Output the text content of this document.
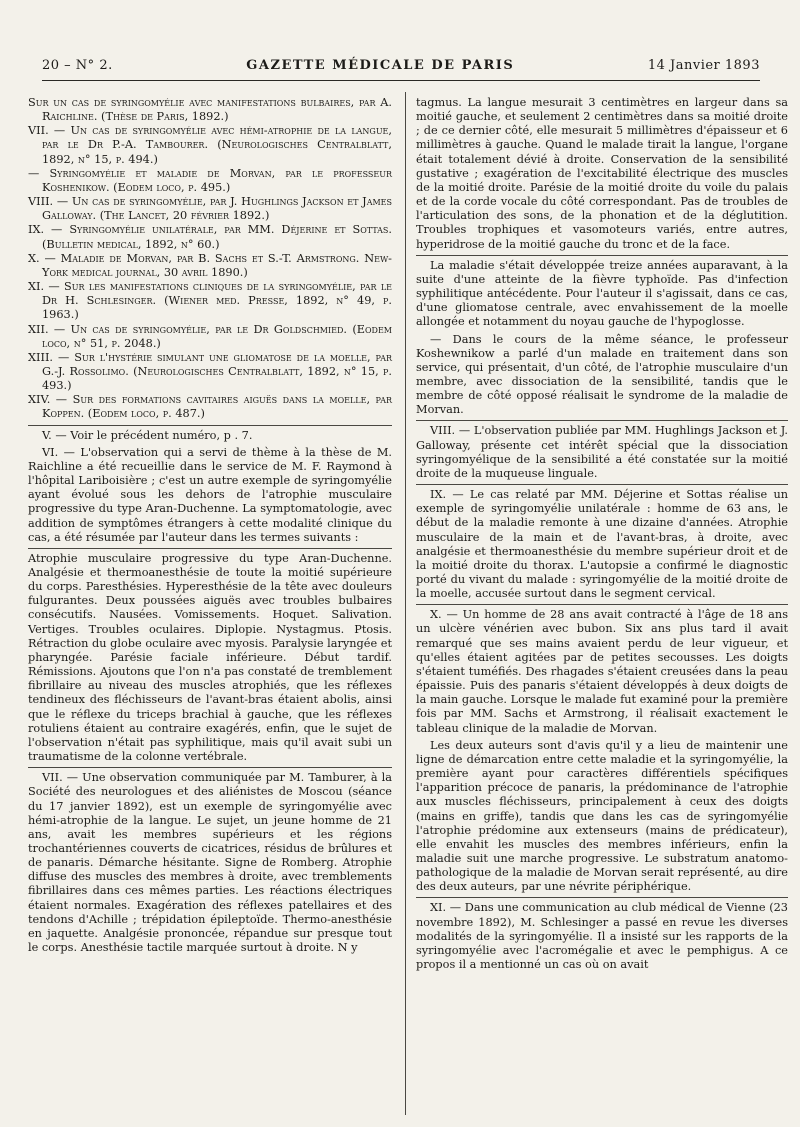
20 – N° 2.	GAZETTE MÉDICALE DE PARIS	14 Janvier 1893

Sur un cas de syringomyélie avec manifestations bulbaires, par A. Raichline. (Thèse de Paris, 1892.)

VII. — Un cas de syringomyélie avec hémi-atrophie de la langue, par le Dr P.-A. Tambourer. (Neurologisches Centralblatt, 1892, n° 15, p. 494.)

— Syringomyélie et maladie de Morvan, par le professeur Koshenikow. (Eodem loco, p. 495.)

VIII. — Un cas de syringomyélie, par J. Hughlings Jackson et James Galloway. (The Lancet, 20 février 1892.)

IX. — Syringomyélie unilatérale, par MM. Déjerine et Sottas. (Bulletin medical, 1892, n° 60.)

X. — Maladie de Morvan, par B. Sachs et S.-T. Armstrong. New-York medical journal, 30 avril 1890.)

XI. — Sur les manifestations cliniques de la syringomyélie, par le Dr H. Schlesinger. (Wiener med. Presse, 1892, n° 49, p. 1963.)

XII. — Un cas de syringomyélie, par le Dr Goldschmied. (Eodem loco, n° 51, p. 2048.)

XIII. — Sur l'hystérie simulant une gliomatose de la moelle, par G.-J. Rossolimo. (Neurologisches Centralblatt, 1892, n° 15, p. 493.)

XIV. — Sur des formations cavitaires aiguës dans la moelle, par Koppen. (Eodem loco, p. 487.)

V. — Voir le précédent numéro, p . 7.

VI. — L'observation qui a servi de thème à la thèse de M. Raichline a été recueillie dans le service de M. F. Raymond à l'hôpital Lariboisière ; c'est un autre exemple de syringomyélie ayant évolué sous les dehors de l'atrophie musculaire progressive du type Aran-Duchenne. La symptomatologie, avec addition de symptômes étrangers à cette modalité clinique du cas, a été résumée par l'auteur dans les termes suivants :

Atrophie musculaire progressive du type Aran-Duchenne. Analgésie et thermoanesthésie de toute la moitié supérieure du corps. Paresthésies. Hyperesthésie de la tête avec douleurs fulgurantes. Deux poussées aiguës avec troubles bulbaires consécutifs. Nausées. Vomissements. Hoquet. Salivation. Vertiges. Troubles oculaires. Diplopie. Nystagmus. Ptosis. Rétraction du globe oculaire avec myosis. Paralysie laryngée et pharyngée. Parésie faciale inférieure. Début tardif. Rémissions. Ajoutons que l'on n'a pas constaté de tremblement fibrillaire au niveau des muscles atrophiés, que les réflexes tendineux des fléchisseurs de l'avant-bras étaient abolis, ainsi que le réflexe du triceps brachial à gauche, que les réflexes rotuliens étaient au contraire exagérés, enfin, que le sujet de l'observation n'était pas syphilitique, mais qu'il avait subi un traumatisme de la colonne vertébrale.

VII. — Une observation communiquée par M. Tamburer, à la Société des neurologues et des aliénistes de Moscou (séance du 17 janvier 1892), est un exemple de syringomyélie avec hémi-atrophie de la langue. Le sujet, un jeune homme de 21 ans, avait les membres supérieurs et les régions trochantériennes couverts de cicatrices, résidus de brûlures et de panaris. Démarche hésitante. Signe de Romberg. Atrophie diffuse des muscles des membres à droite, avec tremblements fibrillaires dans ces mêmes parties. Les réactions électriques étaient normales. Exagération des réflexes patellaires et des tendons d'Achille ; trépidation épileptoïde. Thermo-anesthésie en jaquette. Analgésie prononcée, répandue sur presque tout le corps. Anesthésie tactile marquée surtout à droite. N y

tagmus. La langue mesurait 3 centimètres en largeur dans sa moitié gauche, et seulement 2 centimètres dans sa moitié droite ; de ce dernier côté, elle mesurait 5 millimètres d'épaisseur et 6 millimètres à gauche. Quand le malade tirait la langue, l'organe était totalement dévié à droite. Conservation de la sensibilité gustative ; exagération de l'excitabilité électrique des muscles de la moitié droite. Parésie de la moitié droite du voile du palais et de la corde vocale du côté correspondant. Pas de troubles de l'articulation des sons, de la phonation et de la déglutition. Troubles trophiques et vasomoteurs variés, entre autres, hyperidrose de la moitié gauche du tronc et de la face.

La maladie s'était développée treize années auparavant, à la suite d'une atteinte de la fièvre typhoïde. Pas d'infection syphilitique antécédente. Pour l'auteur il s'agissait, dans ce cas, d'une gliomatose centrale, avec envahissement de la moelle allongée et notamment du noyau gauche de l'hypoglosse.

— Dans le cours de la même séance, le professeur Koshewnikow a parlé d'un malade en traitement dans son service, qui présentait, d'un côté, de l'atrophie musculaire d'un membre, avec dissociation de la sensibilité, tandis que le membre de côté opposé réalisait le syndrome de la maladie de Morvan.

VIII. — L'observation publiée par MM. Hughlings Jackson et J. Galloway, présente cet intérêt spécial que la dissociation syringomyélique de la sensibilité a été constatée sur la moitié droite de la muqueuse linguale.

IX. — Le cas relaté par MM. Déjerine et Sottas réalise un exemple de syringomyélie unilatérale : homme de 63 ans, le début de la maladie remonte à une dizaine d'années. Atrophie musculaire de la main et de l'avant-bras, à droite, avec analgésie et thermoanesthésie du membre supérieur droit et de la moitié droite du thorax. L'autopsie a confirmé le diagnostic porté du vivant du malade : syringomyélie de la moitié droite de la moelle, accusée surtout dans le segment cervical.

X. — Un homme de 28 ans avait contracté à l'âge de 18 ans un ulcère vénérien avec bubon. Six ans plus tard il avait remarqué que ses mains avaient perdu de leur vigueur, et qu'elles étaient agitées par de petites secousses. Les doigts s'étaient tuméfiés. Des rhagades s'étaient creusées dans la peau épaissie. Puis des panaris s'étaient développés à deux doigts de la main gauche. Lorsque le malade fut examiné pour la première fois par MM. Sachs et Armstrong, il réalisait exactement le tableau clinique de la maladie de Morvan.

Les deux auteurs sont d'avis qu'il y a lieu de maintenir une ligne de démarcation entre cette maladie et la syringomyélie, la première ayant pour caractères différentiels spécifiques l'apparition précoce de panaris, la prédominance de l'atrophie aux muscles fléchisseurs, principalement à ceux des doigts (mains en griffe), tandis que dans les cas de syringomyélie l'atrophie prédomine aux extenseurs (mains de prédicateur), elle envahit les muscles des membres inférieurs, enfin la maladie suit une marche progressive. Le substratum anatomo-pathologique de la maladie de Morvan serait représenté, au dire des deux auteurs, par une névrite périphérique.

XI. — Dans une communication au club médical de Vienne (23 novembre 1892), M. Schlesinger a passé en revue les diverses modalités de la syringomyélie. Il a insisté sur les rapports de la syringomyélie avec l'acromégalie et avec le pemphigus. A ce propos il a mentionné un cas où on avait
